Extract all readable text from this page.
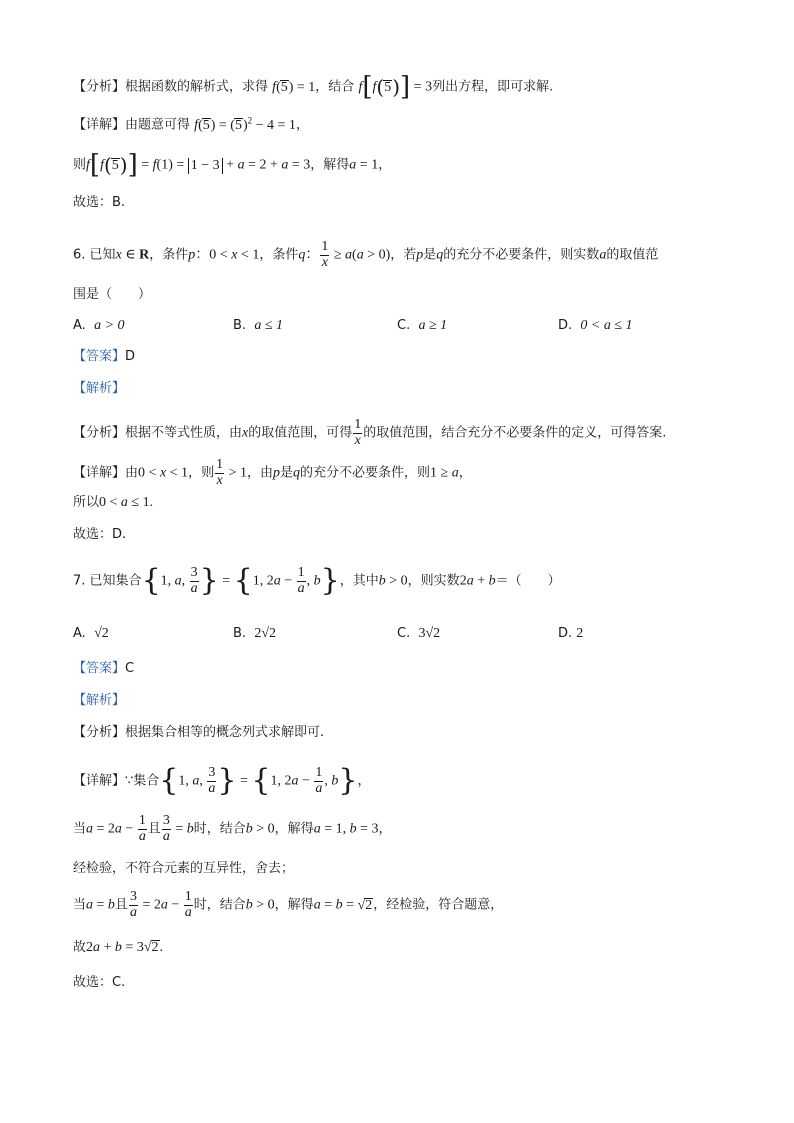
【分析】根据函数的解析式，求得 f(5) = 1，结合 f[f(5)] = 3列出方程，即可求解.
【详解】由题意可得 $f(5) = (5)^2 - 4 = 1$，
则f[f(5)] = f(1) = 1 − 3 + a = 2 + a = 3，解得a = 1，
故选：B.
6. 已知x ∈ R，条件p：0 < x < 1，条件q： $\frac{1}{x} \ge a(a > 0)$，若p是q的充分不必要条件，则实数a的取值范
围是（　　）
A. a > 0	B. a ≤ 1	C. a ≥ 1	D. 0 < a ≤ 1
【答案】D
【解析】
【分析】根据不等式性质，由x的取值范围，可得 $\frac{1}{x}$ 的取值范围，结合充分不必要条件的定义，可得答案.
【详解】由0 < x < 1，则 $\frac{1}{x} > 1$，由p是q的充分不必要条件，则1 ≥ a，
所以0 < a ≤ 1.
故选：D.
7. 已知集合{1, a, $\frac{3}{a}$ } = {1, $2a - \frac{1}{a}$ , b}，其中b > 0，则实数2a + b＝（　　）
A. √2	B. 2√2	C. 3√2	D. 2
【答案】C
【解析】
【分析】根据集合相等的概念列式求解即可.
【详解】∵集合{1, a, $\frac{3}{a}$ } = {1, $2a - \frac{1}{a}$ , b}，
当$a = 2a - \frac{1}{a}$ 且 $\frac{3}{a} = b$时，结合b > 0，解得a = 1, b = 3，
经检验，不符合元素的互异性，舍去；
当a = b且 $\frac{3}{a} = 2a - \frac{1}{a}$ 时，结合b > 0，解得a = b = √2，经检验，符合题意，
故2a + b = 3√2.
故选：C.
